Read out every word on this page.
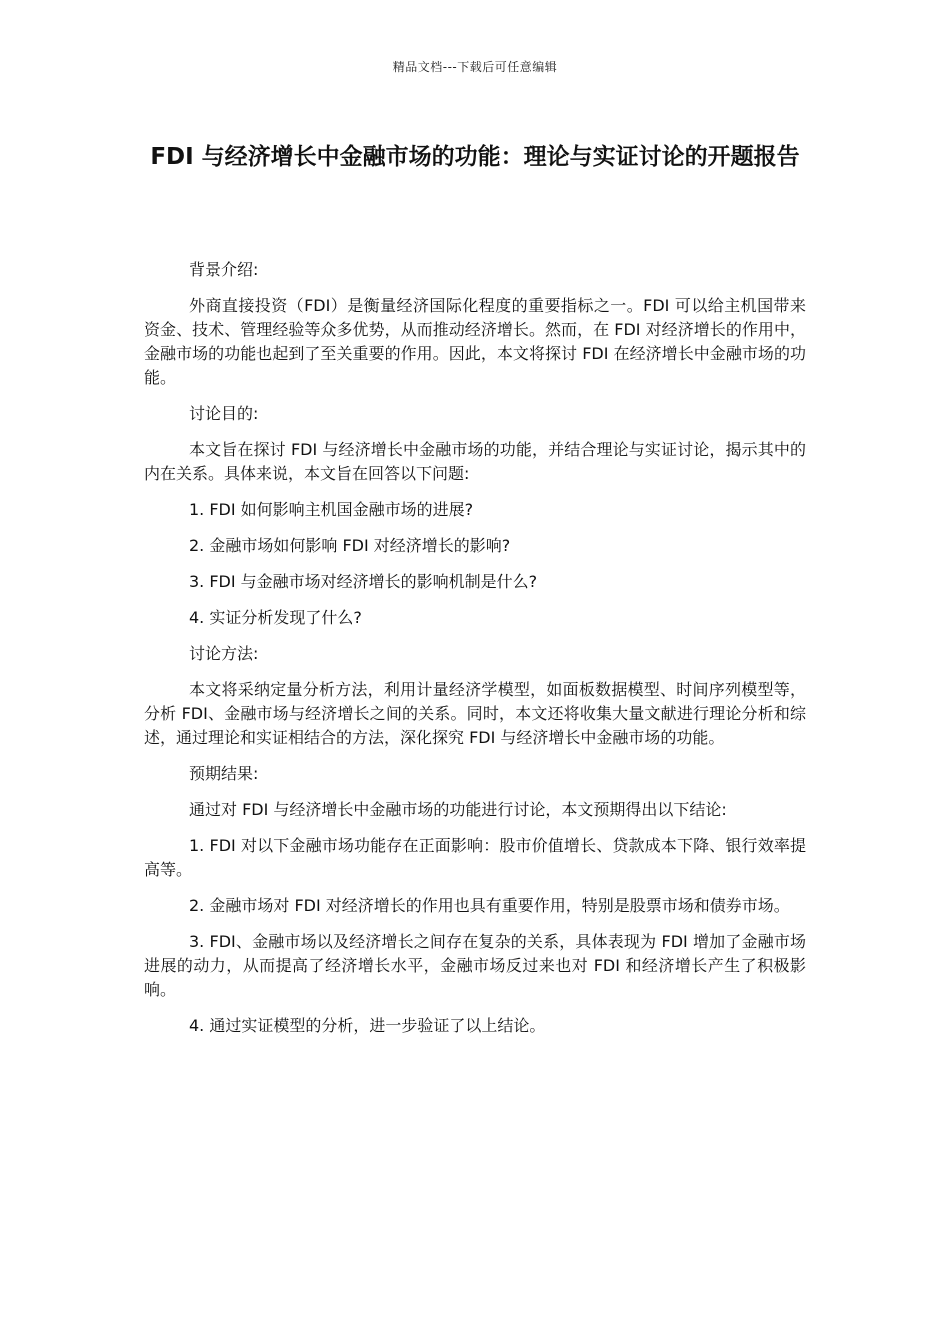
精品文档---下载后可任意编辑
FDI 与经济增长中金融市场的功能：理论与实证讨论的开题报告

背景介绍:

外商直接投资（FDI）是衡量经济国际化程度的重要指标之一。FDI 可以给主机国带来资金、技术、管理经验等众多优势，从而推动经济增长。然而，在 FDI 对经济增长的作用中，金融市场的功能也起到了至关重要的作用。因此，本文将探讨 FDI 在经济增长中金融市场的功能。

讨论目的:

本文旨在探讨 FDI 与经济增长中金融市场的功能，并结合理论与实证讨论，揭示其中的内在关系。具体来说，本文旨在回答以下问题:

1. FDI 如何影响主机国金融市场的进展?

2. 金融市场如何影响 FDI 对经济增长的影响?

3. FDI 与金融市场对经济增长的影响机制是什么?

4. 实证分析发现了什么?

讨论方法:

本文将采纳定量分析方法，利用计量经济学模型，如面板数据模型、时间序列模型等，分析 FDI、金融市场与经济增长之间的关系。同时，本文还将收集大量文献进行理论分析和综述，通过理论和实证相结合的方法，深化探究 FDI 与经济增长中金融市场的功能。

预期结果:

通过对 FDI 与经济增长中金融市场的功能进行讨论，本文预期得出以下结论:

1. FDI 对以下金融市场功能存在正面影响：股市价值增长、贷款成本下降、银行效率提高等。

2. 金融市场对 FDI 对经济增长的作用也具有重要作用，特别是股票市场和债券市场。

3. FDI、金融市场以及经济增长之间存在复杂的关系，具体表现为 FDI 增加了金融市场进展的动力，从而提高了经济增长水平，金融市场反过来也对 FDI 和经济增长产生了积极影响。

4. 通过实证模型的分析，进一步验证了以上结论。
